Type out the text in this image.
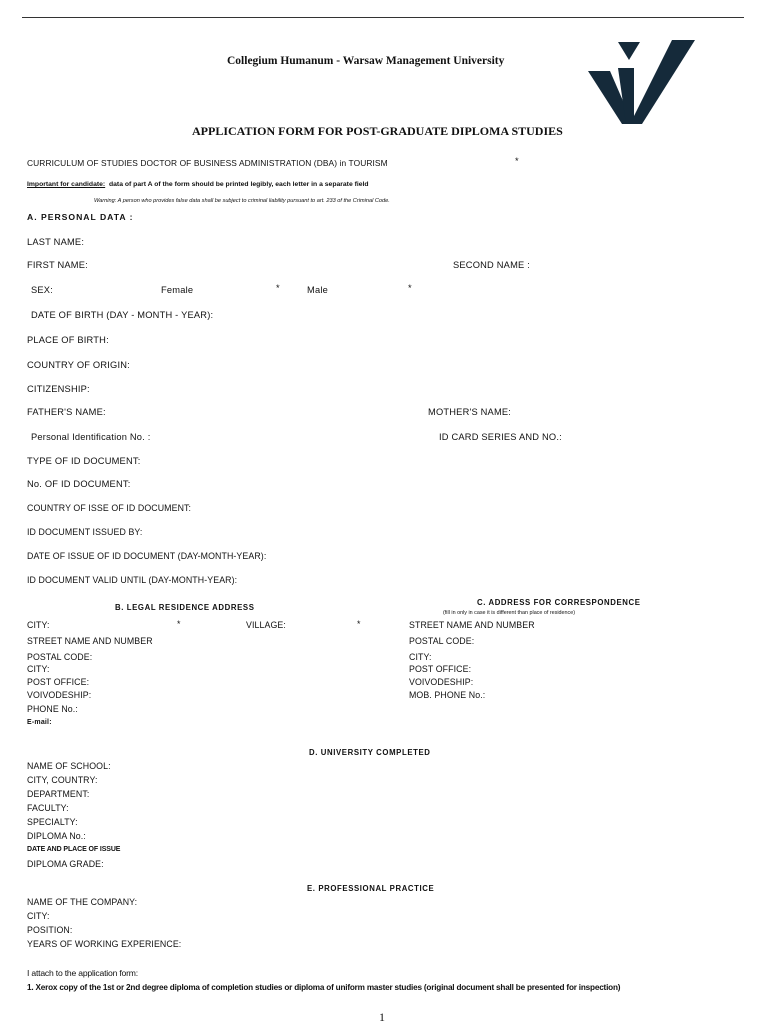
Collegium Humanum - Warsaw Management University
APPLICATION FORM FOR POST-GRADUATE DIPLOMA STUDIES
CURRICULUM OF STUDIES DOCTOR OF BUSINESS ADMINISTRATION (DBA) in TOURISM	*
Important for candidate: data of part A of the form should be printed legibly, each letter in a separate field
Warning: A person who provides false data shall be subject to criminal liability pursuant to art. 233 of the Criminal Code.
A. PERSONAL DATA :
LAST NAME:
FIRST NAME:	SECOND NAME :
SEX:	Female	*	Male	*
DATE OF BIRTH (DAY - MONTH - YEAR):
PLACE OF BIRTH:
COUNTRY OF ORIGIN:
CITIZENSHIP:
FATHER'S NAME:	MOTHER'S NAME:
Personal Identification No. :	ID CARD SERIES AND NO.:
TYPE OF ID DOCUMENT:
No. OF ID DOCUMENT:
COUNTRY OF ISSE OF ID DOCUMENT:
ID DOCUMENT ISSUED BY:
DATE OF ISSUE OF ID DOCUMENT (DAY-MONTH-YEAR):
ID DOCUMENT VALID UNTIL (DAY-MONTH-YEAR):
B. LEGAL RESIDENCE ADDRESS
CITY:	*	VILLAGE:	*
STREET NAME AND NUMBER
POSTAL CODE:
CITY:
POST OFFICE:
VOIVODESHIP:
PHONE No.:
E-mail:
C. ADDRESS FOR CORRESPONDENCE
(fill in only in case it is different than place of residence)
STREET NAME AND NUMBER
POSTAL CODE:
CITY:
POST OFFICE:
VOIVODESHIP:
MOB. PHONE No.:
D. UNIVERSITY COMPLETED
NAME OF SCHOOL:
CITY, COUNTRY:
DEPARTMENT:
FACULTY:
SPECIALTY:
DIPLOMA No.:
DATE AND PLACE OF ISSUE
DIPLOMA GRADE:
E. PROFESSIONAL PRACTICE
NAME OF THE COMPANY:
CITY:
POSITION:
YEARS OF WORKING EXPERIENCE:
I attach to the application form:
1. Xerox copy of the 1st or 2nd degree diploma of completion studies or diploma of uniform master studies (original document shall be presented for inspection)
1
